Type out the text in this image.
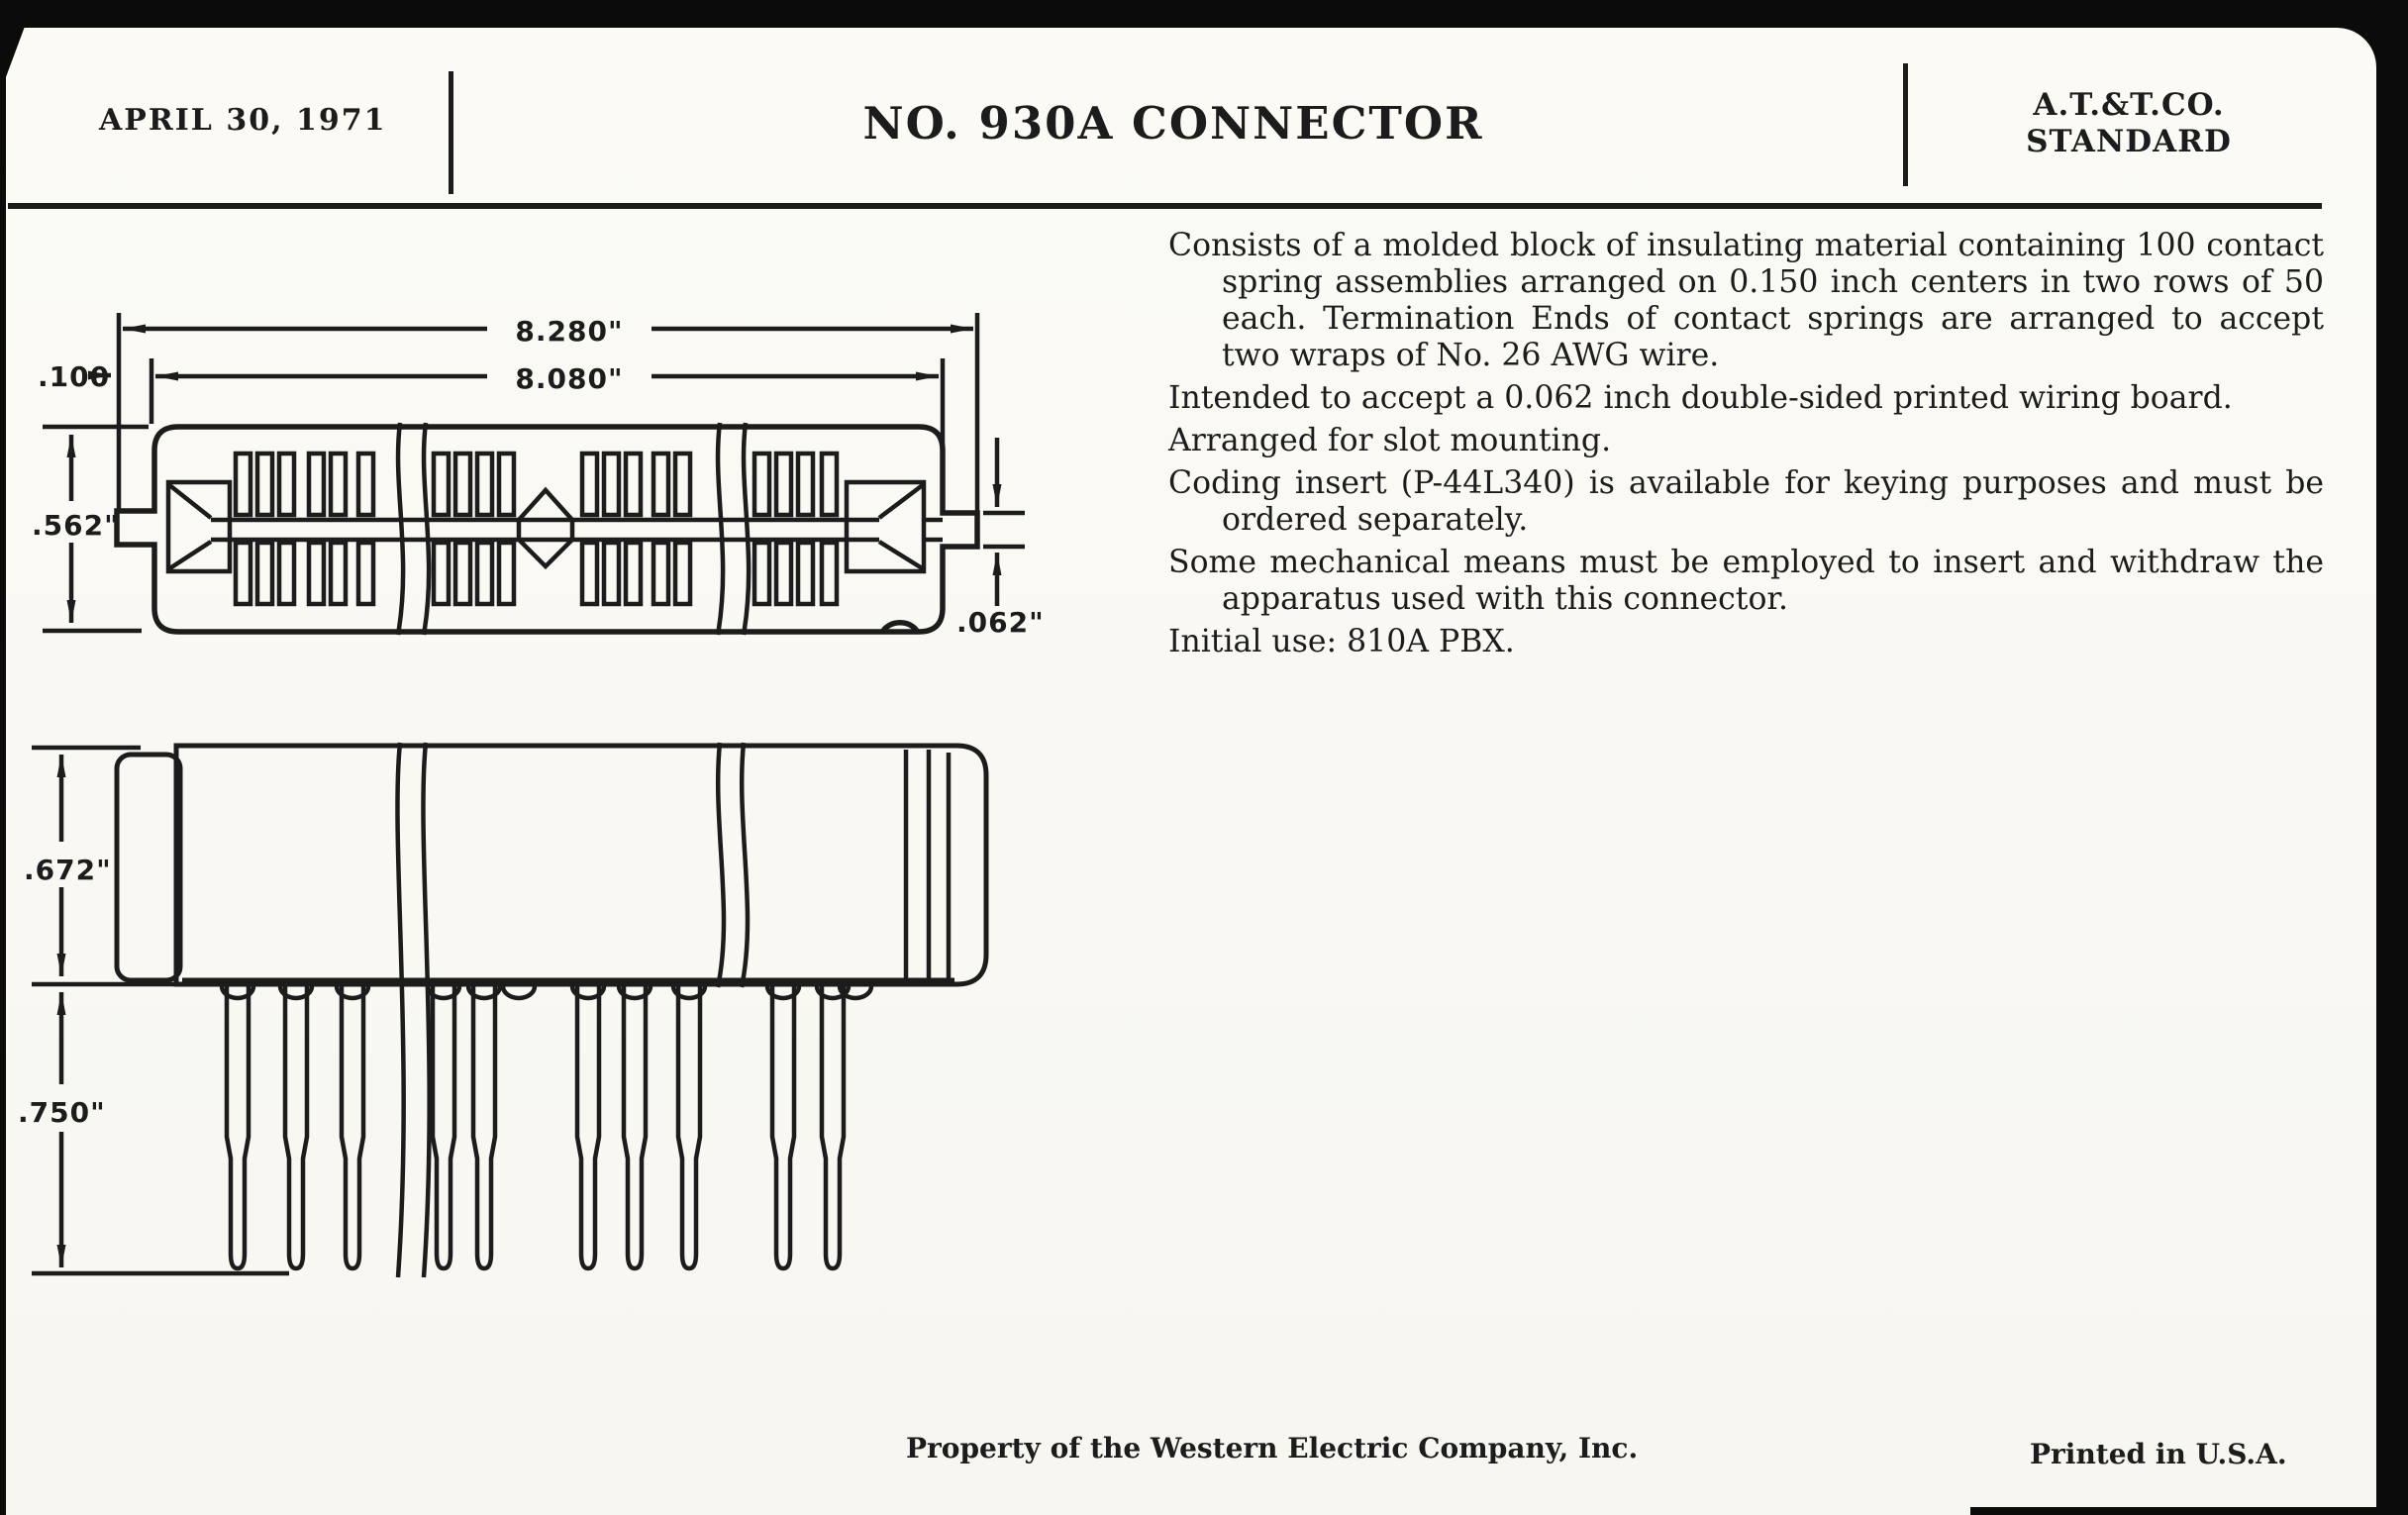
APRIL 30, 1971	NO. 930A CONNECTOR	A.T.&T.CO.
STANDARD

Consists of a molded block of insulating material containing 100 contact spring assemblies arranged on 0.150 inch centers in two rows of 50 each. Termination Ends of contact springs are arranged to accept two wraps of No. 26 AWG wire.

Intended to accept a 0.062 inch double-sided printed wiring board.

Arranged for slot mounting.

Coding insert (P-44L340) is available for keying purposes and must be ordered separately.

Some mechanical means must be employed to insert and withdraw the apparatus used with this connector.

Initial use: 810A PBX.

8.280"
8.080"
.100
.562"
.062"
.672"
.750"
Property of the Western Electric Company, Inc.	Printed in U.S.A.
